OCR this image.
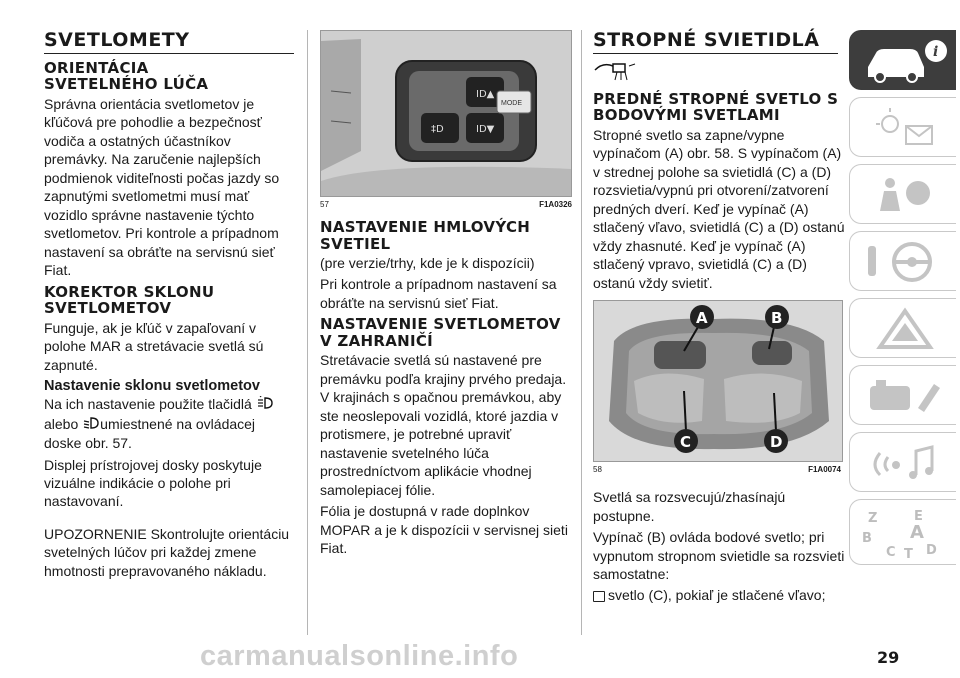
SVETLOMETY
ORIENTÁCIA
SVETELNÉHO LÚČA

Správna orientácia svetlometov je kľúčová pre pohodlie a bezpečnosť vodiča a ostatných účastníkov premávky. Na zaručenie najlepších podmienok viditeľnosti počas jazdy so zapnutými svetlometmi musí mať vozidlo správne nastavenie týchto svetlometov. Pri kontrole a prípadnom nastavení sa obráťte na servisnú sieť Fiat.

KOREKTOR SKLONU SVETLOMETOV

Funguje, ak je kľúč v zapaľovaní v polohe MAR a stretávacie svetlá sú zapnuté.

Nastavenie sklonu svetlometov

Na ich nastavenie použite tlačidlá
alebo umiestnené na ovládacej doske obr. 57.

Displej prístrojovej dosky poskytuje vizuálne indikácie o polohe pri nastavovaní.

UPOZORNENIE Skontrolujte orientáciu svetelných lúčov pri každej zmene hmotnosti prepravovaného nákladu.

MODE
ID▲
ID▼
‡D
57	F1A0326
NASTAVENIE HMLOVÝCH SVETIEL

(pre verzie/trhy, kde je k dispozícii)

Pri kontrole a prípadnom nastavení sa obráťte na servisnú sieť Fiat.

NASTAVENIE SVETLOMETOV V ZAHRANIČÍ

Stretávacie svetlá sú nastavené pre premávku podľa krajiny prvého predaja. V krajinách s opačnou premávkou, aby ste neoslepovali vozidlá, ktoré jazdia v protismere, je potrebné upraviť nastavenie svetelného lúča prostredníctvom aplikácie vhodnej samolepiacej fólie.

Fólia je dostupná v rade doplnkov MOPAR a je k dispozícii v servisnej sieti Fiat.

STROPNÉ SVIETIDLÁ
PREDNÉ STROPNÉ SVETLO S BODOVÝMI SVETLAMI

Stropné svetlo sa zapne/vypne vypínačom (A) obr. 58. S vypínačom (A) v strednej polohe sa svietidlá (C) a (D) rozsvietia/vypnú pri otvorení/zatvorení predných dverí. Keď je vypínač (A) stlačený vľavo, svietidlá (C) a (D) ostanú vždy zhasnuté. Keď je vypínač (A) stlačený vpravo, svietidlá (C) a (D) ostanú vždy svietiť.

A	B
C	D
58	F1A0074

Svetlá sa rozsvecujú/zhasínajú postupne.

Vypínač (B) ovláda bodové svetlo; pri vypnutom stropnom svietidle sa rozsvieti samostatne:

svetlo (C), pokiaľ je stlačené vľavo;

i
Z	E
B A
C T D
carmanualsonline.info	29
